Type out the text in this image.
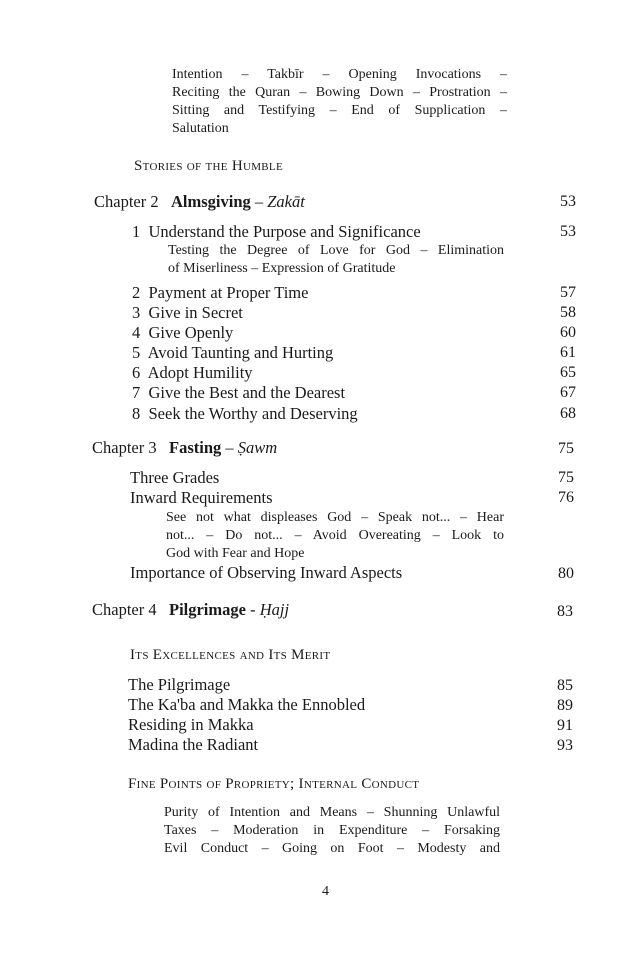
Intention – Takbīr – Opening Invocations –
Reciting the Quran – Bowing Down – Prostration –
Sitting and Testifying – End of Supplication –
Salutation
Stories of the Humble
Chapter 2 Almsgiving – Zakāt	53
1 Understand the Purpose and Significance	53
Testing the Degree of Love for God – Elimination
of Miserliness – Expression of Gratitude
2 Payment at Proper Time	57
3 Give in Secret	58
4 Give Openly	60
5 Avoid Taunting and Hurting	61
6 Adopt Humility	65
7 Give the Best and the Dearest	67
8 Seek the Worthy and Deserving	68
Chapter 3 Fasting – Ṣawm	75
Three Grades	75
Inward Requirements	76
See not what displeases God – Speak not... – Hear
not... – Do not... – Avoid Overeating – Look to
God with Fear and Hope
Importance of Observing Inward Aspects	80
Chapter 4 Pilgrimage - Ḥajj	83
Its Excellences and Its Merit
The Pilgrimage	85
The Ka'ba and Makka the Ennobled	89
Residing in Makka	91
Madina the Radiant	93
Fine Points of Propriety; Internal Conduct
Purity of Intention and Means – Shunning Unlawful
Taxes – Moderation in Expenditure – Forsaking
Evil Conduct – Going on Foot – Modesty and
4
